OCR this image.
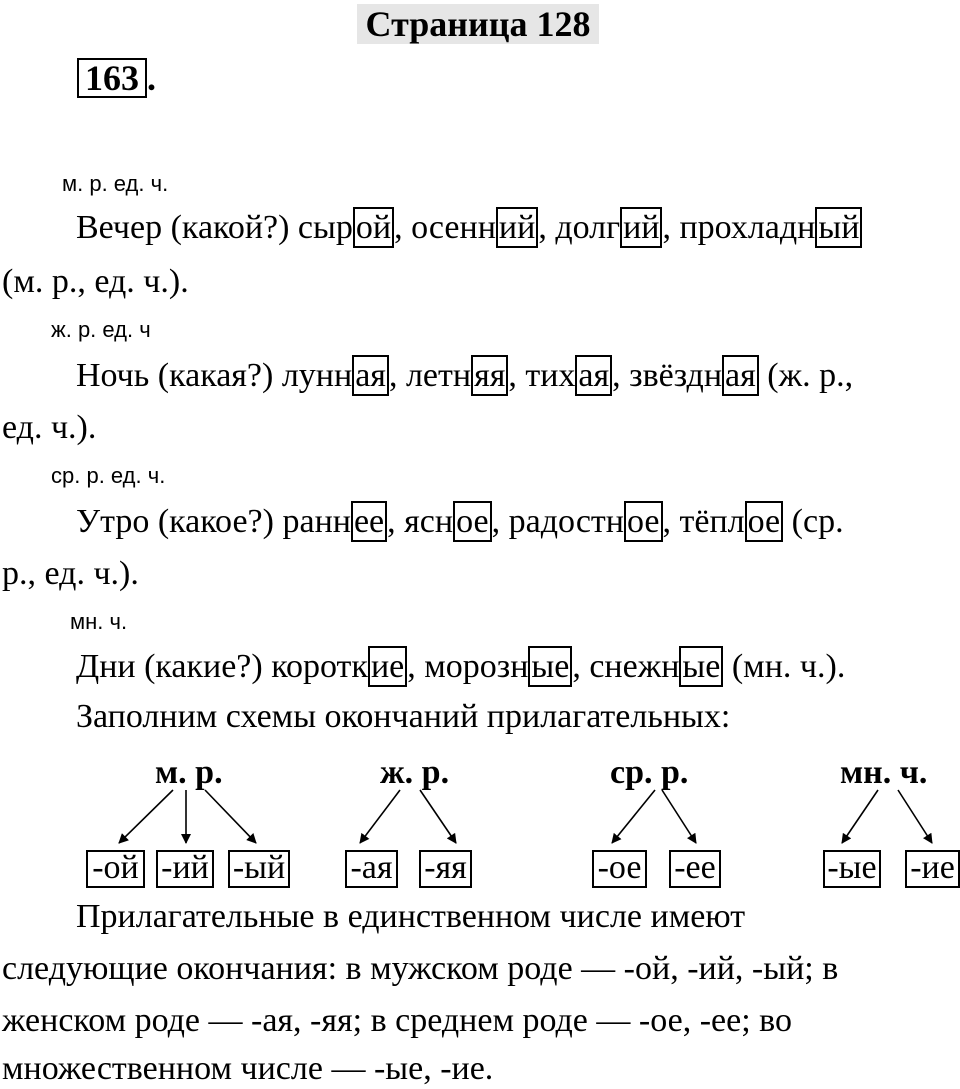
Страница 128
163 .
м. р. ед. ч.
Вечер (какой?) сырой, осенний, долгий, прохладный
(м. р., ед. ч.).
ж. р. ед. ч
Ночь (какая?) лунная, летняя, тихая, звёздная (ж. р.,
ед. ч.).
ср. р. ед. ч.
Утро (какое?) раннее, ясное, радостное, тёплое (ср.
р., ед. ч.).
мн. ч.
Дни (какие?) короткие, морозные, снежные (мн. ч.).
Заполним схемы окончаний прилагательных:
м. р.	ж. р.	ср. р.	мн. ч.
-ой -ий -ый -ая -яя	-ое -ее	-ые -ие
Прилагательные в единственном числе имеют
следующие окончания: в мужском роде — -ой, -ий, -ый; в
женском роде — -ая, -яя; в среднем роде — -ое, -ее; во
множественном числе — -ые, -ие.
